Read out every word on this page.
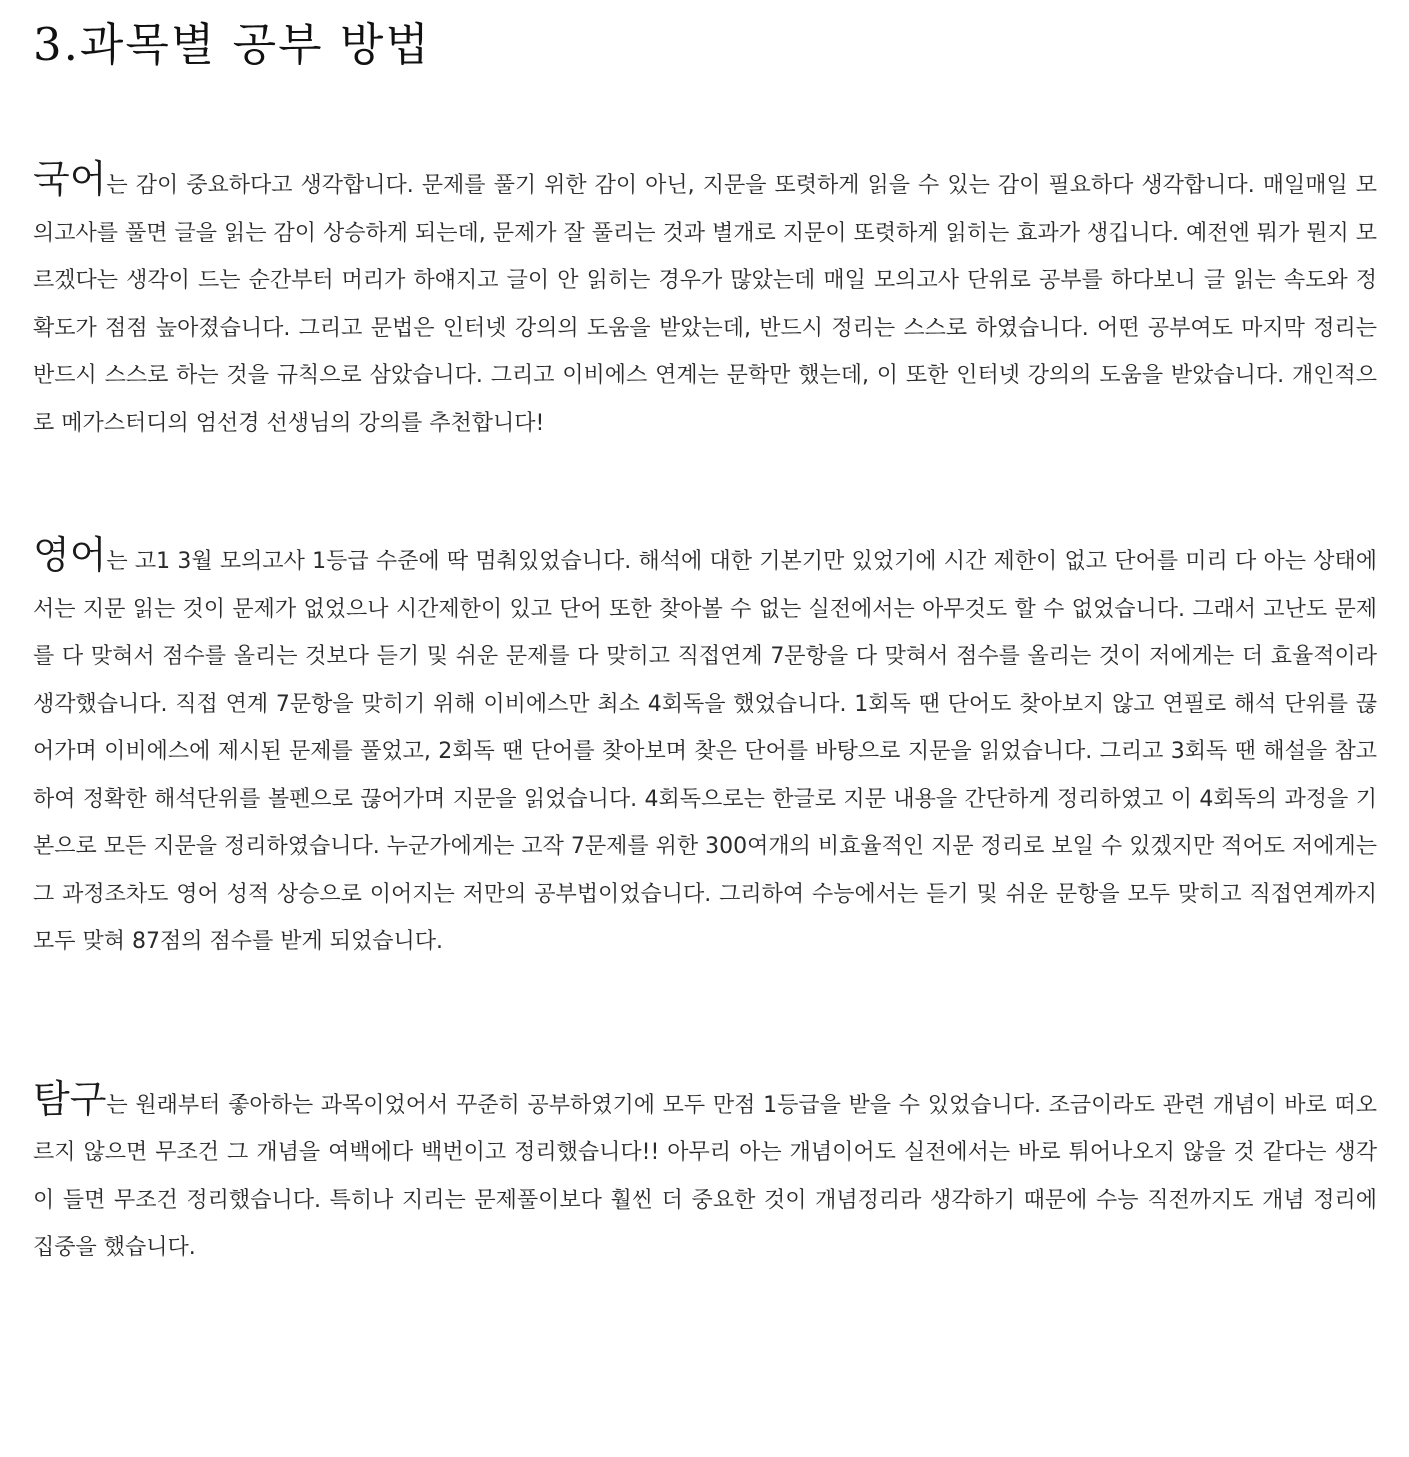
3.과목별 공부 방법

국어는 감이 중요하다고 생각합니다. 문제를 풀기 위한 감이 아닌, 지문을 또렷하게 읽을 수 있는 감이 필요하다 생각합니다. 매일매일 모의고사를 풀면 글을 읽는 감이 상승하게 되는데, 문제가 잘 풀리는 것과 별개로 지문이 또렷하게 읽히는 효과가 생깁니다. 예전엔 뭐가 뭔지 모르겠다는 생각이 드는 순간부터 머리가 하얘지고 글이 안 읽히는 경우가 많았는데 매일 모의고사 단위로 공부를 하다보니 글 읽는 속도와 정확도가 점점 높아졌습니다. 그리고 문법은 인터넷 강의의 도움을 받았는데, 반드시 정리는 스스로 하였습니다. 어떤 공부여도 마지막 정리는 반드시 스스로 하는 것을 규칙으로 삼았습니다. 그리고 이비에스 연계는 문학만 했는데, 이 또한 인터넷 강의의 도움을 받았습니다. 개인적으로 메가스터디의 엄선경 선생님의 강의를 추천합니다!

영어는 고1 3월 모의고사 1등급 수준에 딱 멈춰있었습니다. 해석에 대한 기본기만 있었기에 시간 제한이 없고 단어를 미리 다 아는 상태에서는 지문 읽는 것이 문제가 없었으나 시간제한이 있고 단어 또한 찾아볼 수 없는 실전에서는 아무것도 할 수 없었습니다. 그래서 고난도 문제를 다 맞혀서 점수를 올리는 것보다 듣기 및 쉬운 문제를 다 맞히고 직접연계 7문항을 다 맞혀서 점수를 올리는 것이 저에게는 더 효율적이라 생각했습니다. 직접 연계 7문항을 맞히기 위해 이비에스만 최소 4회독을 했었습니다. 1회독 땐 단어도 찾아보지 않고 연필로 해석 단위를 끊어가며 이비에스에 제시된 문제를 풀었고, 2회독 땐 단어를 찾아보며 찾은 단어를 바탕으로 지문을 읽었습니다. 그리고 3회독 땐 해설을 참고하여 정확한 해석단위를 볼펜으로 끊어가며 지문을 읽었습니다. 4회독으로는 한글로 지문 내용을 간단하게 정리하였고 이 4회독의 과정을 기본으로 모든 지문을 정리하였습니다. 누군가에게는 고작 7문제를 위한 300여개의 비효율적인 지문 정리로 보일 수 있겠지만 적어도 저에게는 그 과정조차도 영어 성적 상승으로 이어지는 저만의 공부법이었습니다. 그리하여 수능에서는 듣기 및 쉬운 문항을 모두 맞히고 직접연계까지 모두 맞혀 87점의 점수를 받게 되었습니다.

탐구는 원래부터 좋아하는 과목이었어서 꾸준히 공부하였기에 모두 만점 1등급을 받을 수 있었습니다. 조금이라도 관련 개념이 바로 떠오르지 않으면 무조건 그 개념을 여백에다 백번이고 정리했습니다!! 아무리 아는 개념이어도 실전에서는 바로 튀어나오지 않을 것 같다는 생각이 들면 무조건 정리했습니다. 특히나 지리는 문제풀이보다 훨씬 더 중요한 것이 개념정리라 생각하기 때문에 수능 직전까지도 개념 정리에 집중을 했습니다.
